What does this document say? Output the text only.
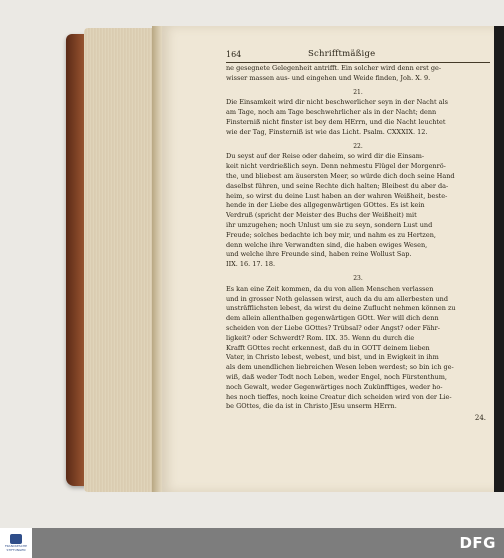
164	Schrifftmäßige
ne gesegnete Gelegenheit antrifft. Ein solcher wird denn erst ge-
wisser massen aus- und eingehen und Weide finden, Joh. X. 9.
21.
Die Einsamkeit wird dir nicht beschwerlicher seyn in der Nacht als
am Tage, noch am Tage beschwehrlicher als in der Nacht; denn
Finsterniß nicht finster ist bey dem HErrn, und die Nacht leuchtet
wie der Tag, Finsterniß ist wie das Licht. Psalm. CXXXIX. 12.
22.
Du seyst auf der Reise oder daheim, so wird dir die Einsam-
keit nicht verdrießlich seyn. Denn nehmestu Flügel der Morgenrö-
the, und bliebest am äusersten Meer, so würde dich doch seine Hand
daselbst führen, und seine Rechte dich halten; Bleibest du aber da-
heim, so wirst du deine Lust haben an der wahren Weißheit, beste-
hende in der Liebe des allgegenwärtigen GOttes. Es ist kein
Verdruß (spricht der Meister des Buchs der Weißheit) mit
ihr umzugehen; noch Unlust um sie zu seyn, sondern Lust und
Freude; solches bedachte ich bey mir, und nahm es zu Hertzen,
denn welche ihre Verwandten sind, die haben ewiges Wesen,
und welche ihre Freunde sind, haben reine Wollust Sap.
IIX. 16. 17. 18.
23.
Es kan eine Zeit kommen, da du von allen Menschen verlassen
und in grosser Noth gelassen wirst, auch da du am allerbesten und
unsträfflichsten lebest, da wirst du deine Zuflucht nehmen können zu
dem allein allenthalben gegenwärtigen GOtt. Wer will dich denn
scheiden von der Liebe GOttes? Trübsal? oder Angst? oder Fähr-
ligkeit? oder Schwerdt? Rom. IIX. 35. Wenn du durch die
Krafft GOttes recht erkennest, daß du in GOTT deinem lieben
Vater, in Christo lebest, webest, und bist, und in Ewigkeit in ihm
als dem unendlichen liebreichen Wesen leben werdest; so bin ich ge-
wiß, daß weder Todt noch Leben, weder Engel, noch Fürstenthum,
noch Gewalt, weder Gegenwärtiges noch Zukünfftiges, weder ho-
hes noch tieffes, noch keine Creatur dich scheiden wird von der Lie-
be GOttes, die da ist in Christo JEsu unserm HErrn.
24.
FRANCKESCHE STIFTUNGEN	DFG
